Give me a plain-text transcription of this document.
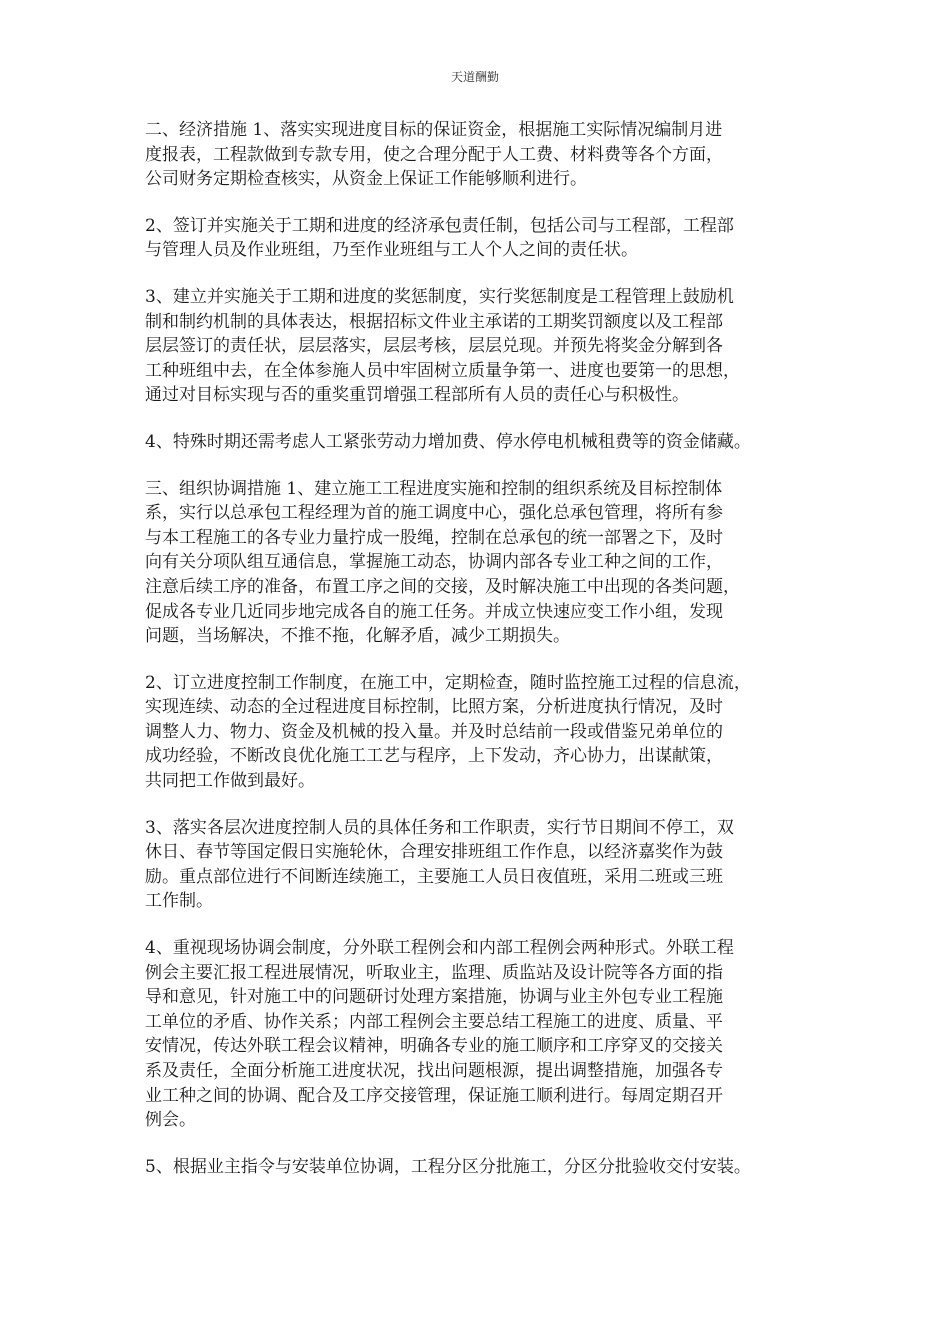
天道酬勤

二、经济措施 1、落实实现进度目标的保证资金，根据施工实际情况编制月进
度报表，工程款做到专款专用，使之合理分配于人工费、材料费等各个方面，
公司财务定期检查核实，从资金上保证工作能够顺利进行。

2、签订并实施关于工期和进度的经济承包责任制，包括公司与工程部，工程部
与管理人员及作业班组，乃至作业班组与工人个人之间的责任状。

3、建立并实施关于工期和进度的奖惩制度，实行奖惩制度是工程管理上鼓励机
制和制约机制的具体表达，根据招标文件业主承诺的工期奖罚额度以及工程部
层层签订的责任状，层层落实，层层考核，层层兑现。并预先将奖金分解到各
工种班组中去，在全体参施人员中牢固树立质量争第一、进度也要第一的思想，
通过对目标实现与否的重奖重罚增强工程部所有人员的责任心与积极性。

4、特殊时期还需考虑人工紧张劳动力增加费、停水停电机械租费等的资金储藏。

三、组织协调措施 1、建立施工工程进度实施和控制的组织系统及目标控制体
系，实行以总承包工程经理为首的施工调度中心，强化总承包管理，将所有参
与本工程施工的各专业力量拧成一股绳，控制在总承包的统一部署之下，及时
向有关分项队组互通信息，掌握施工动态，协调内部各专业工种之间的工作，
注意后续工序的准备，布置工序之间的交接，及时解决施工中出现的各类问题，
促成各专业几近同步地完成各自的施工任务。并成立快速应变工作小组，发现
问题，当场解决，不推不拖，化解矛盾，减少工期损失。

2、订立进度控制工作制度，在施工中，定期检查，随时监控施工过程的信息流，
实现连续、动态的全过程进度目标控制，比照方案，分析进度执行情况，及时
调整人力、物力、资金及机械的投入量。并及时总结前一段或借鉴兄弟单位的
成功经验，不断改良优化施工工艺与程序，上下发动，齐心协力，出谋献策，
共同把工作做到最好。

3、落实各层次进度控制人员的具体任务和工作职责，实行节日期间不停工，双
休日、春节等国定假日实施轮休，合理安排班组工作作息，以经济嘉奖作为鼓
励。重点部位进行不间断连续施工，主要施工人员日夜值班，采用二班或三班
工作制。

4、重视现场协调会制度，分外联工程例会和内部工程例会两种形式。外联工程
例会主要汇报工程进展情况，听取业主，监理、质监站及设计院等各方面的指
导和意见，针对施工中的问题研讨处理方案措施，协调与业主外包专业工程施
工单位的矛盾、协作关系；内部工程例会主要总结工程施工的进度、质量、平
安情况，传达外联工程会议精神，明确各专业的施工顺序和工序穿叉的交接关
系及责任，全面分析施工进度状况，找出问题根源，提出调整措施，加强各专
业工种之间的协调、配合及工序交接管理，保证施工顺利进行。每周定期召开
例会。

5、根据业主指令与安装单位协调，工程分区分批施工，分区分批验收交付安装。
